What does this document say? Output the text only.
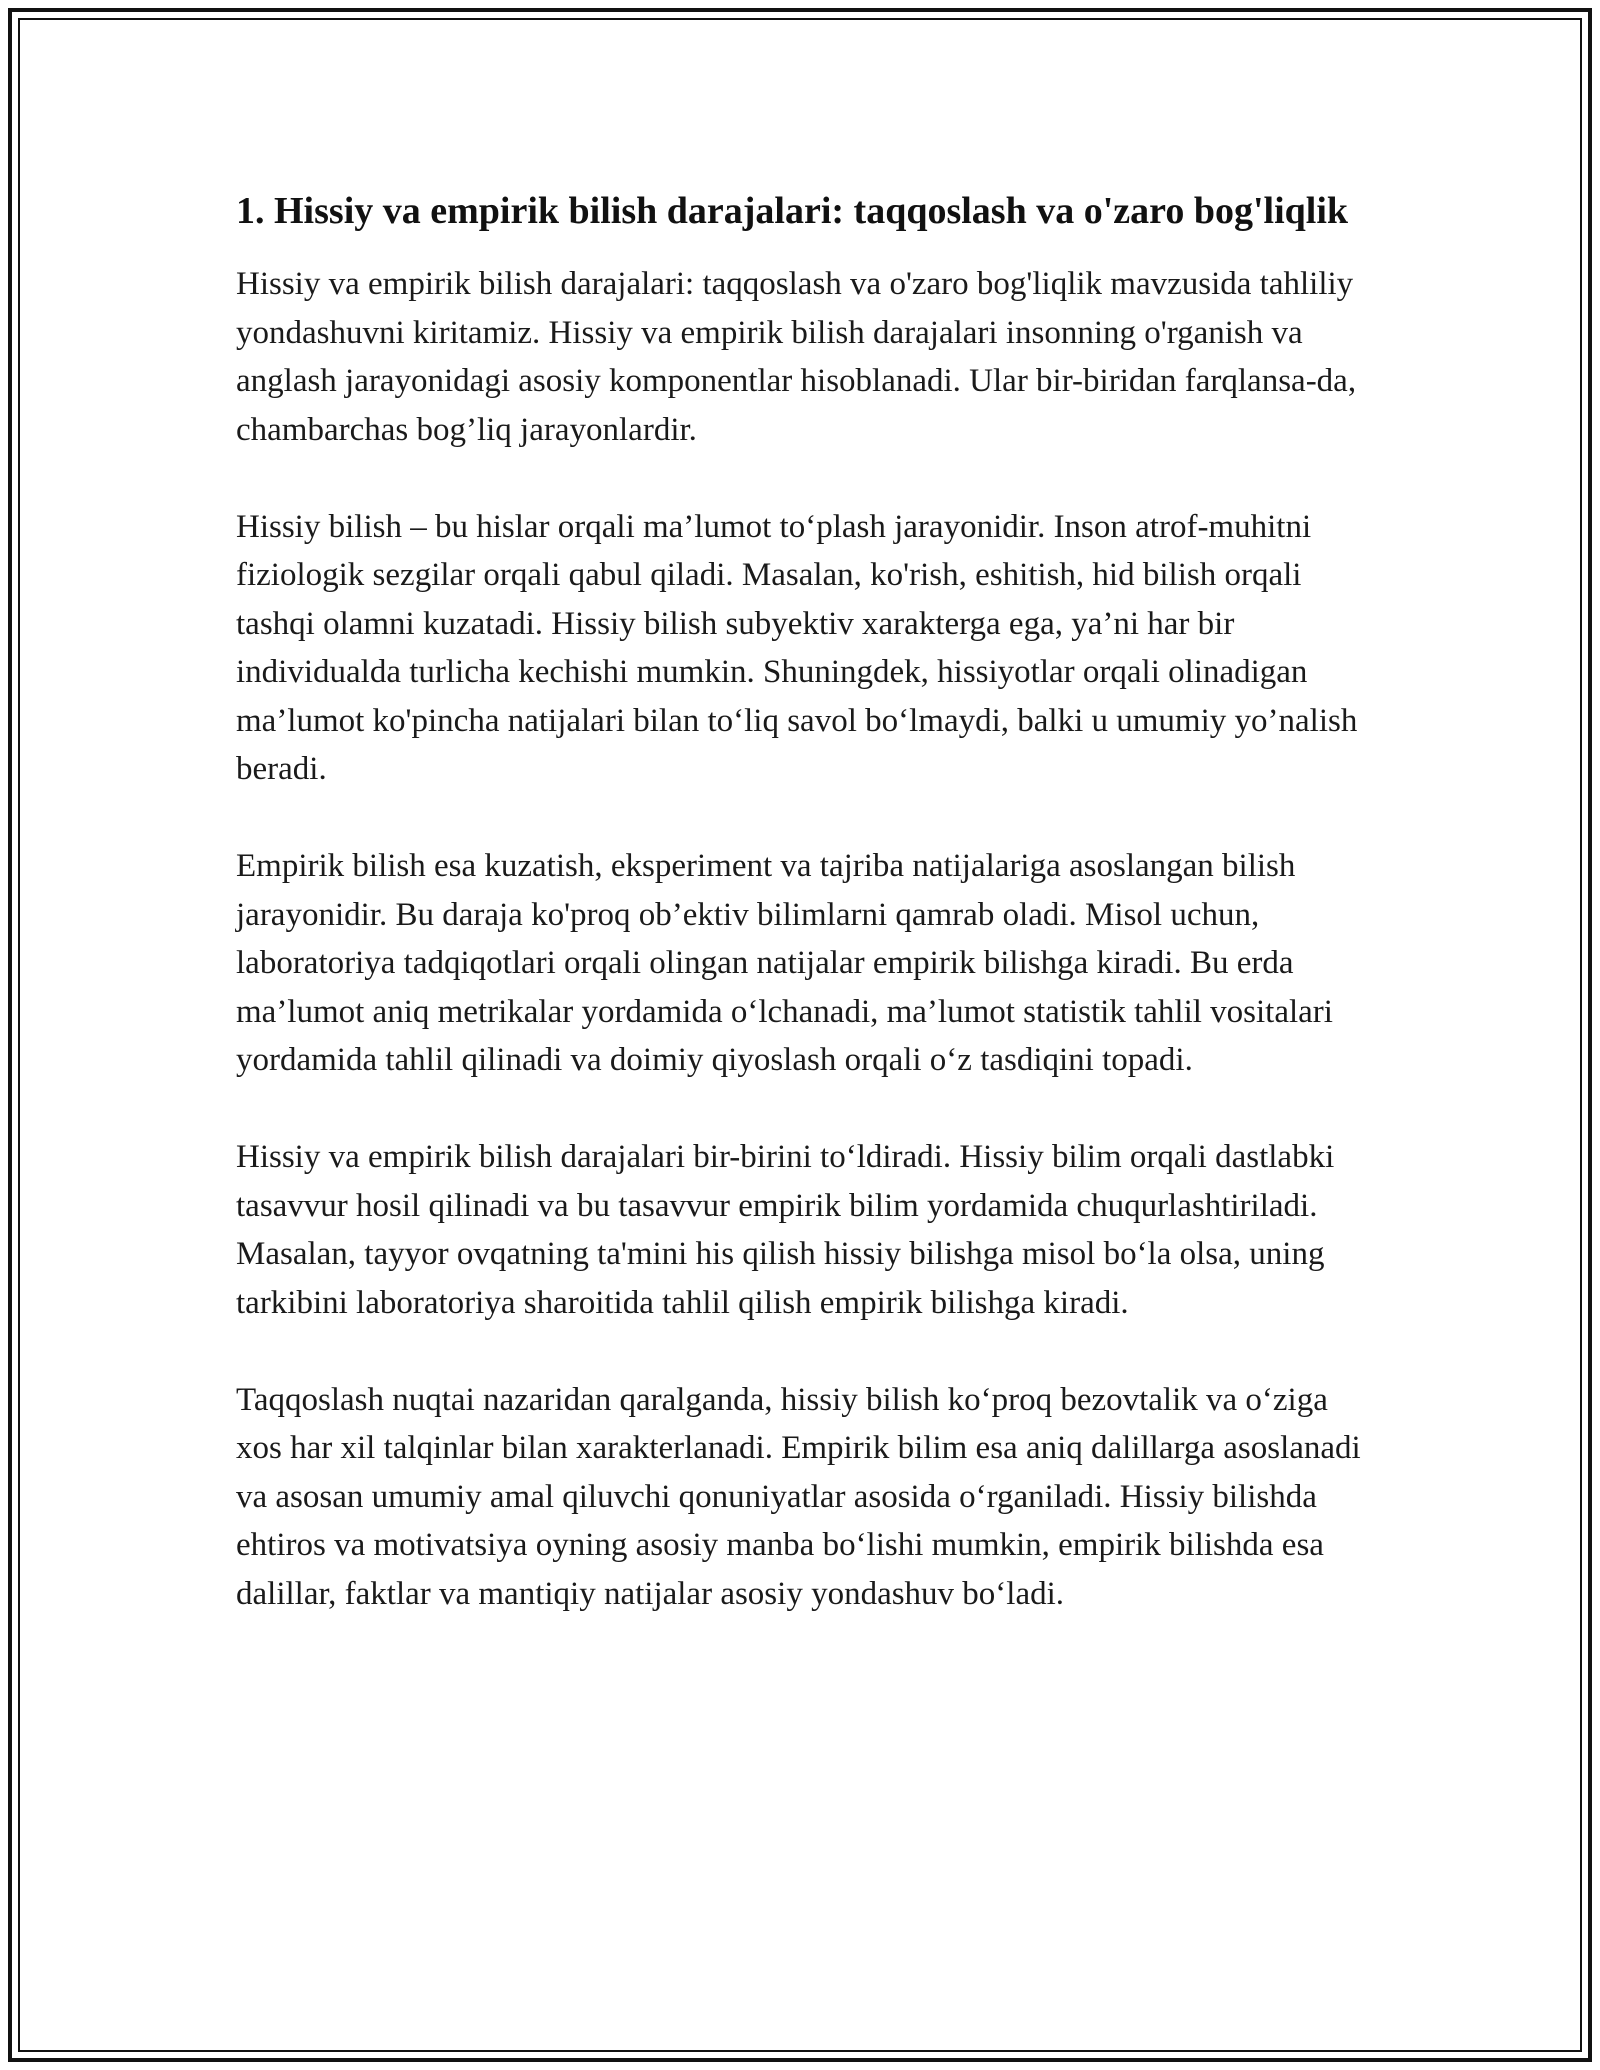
1. Hissiy va empirik bilish darajalari: taqqoslash va o'zaro bog'liqlik

Hissiy va empirik bilish darajalari: taqqoslash va o'zaro bog'liqlik mavzusida tahliliy yondashuvni kiritamiz. Hissiy va empirik bilish darajalari insonning o'rganish va anglash jarayonidagi asosiy komponentlar hisoblanadi. Ular bir-biridan farqlansa-da, chambarchas bog’liq jarayonlardir.

Hissiy bilish – bu hislar orqali ma’lumot to‘plash jarayonidir. Inson atrof-muhitni fiziologik sezgilar orqali qabul qiladi. Masalan, ko'rish, eshitish, hid bilish orqali tashqi olamni kuzatadi. Hissiy bilish subyektiv xarakterga ega, ya’ni har bir individualda turlicha kechishi mumkin. Shuningdek, hissiyotlar orqali olinadigan ma’lumot ko'pincha natijalari bilan to‘liq savol bo‘lmaydi, balki u umumiy yo’nalish beradi.

Empirik bilish esa kuzatish, eksperiment va tajriba natijalariga asoslangan bilish jarayonidir. Bu daraja ko'proq ob’ektiv bilimlarni qamrab oladi. Misol uchun, laboratoriya tadqiqotlari orqali olingan natijalar empirik bilishga kiradi. Bu erda ma’lumot aniq metrikalar yordamida o‘lchanadi, ma’lumot statistik tahlil vositalari yordamida tahlil qilinadi va doimiy qiyoslash orqali o‘z tasdiqini topadi.

Hissiy va empirik bilish darajalari bir-birini to‘ldiradi. Hissiy bilim orqali dastlabki tasavvur hosil qilinadi va bu tasavvur empirik bilim yordamida chuqurlashtiriladi. Masalan, tayyor ovqatning ta'mini his qilish hissiy bilishga misol bo‘la olsa, uning tarkibini laboratoriya sharoitida tahlil qilish empirik bilishga kiradi.

Taqqoslash nuqtai nazaridan qaralganda, hissiy bilish ko‘proq bezovtalik va o‘ziga xos har xil talqinlar bilan xarakterlanadi. Empirik bilim esa aniq dalillarga asoslanadi va asosan umumiy amal qiluvchi qonuniyatlar asosida o‘rganiladi. Hissiy bilishda ehtiros va motivatsiya oyning asosiy manba bo‘lishi mumkin, empirik bilishda esa dalillar, faktlar va mantiqiy natijalar asosiy yondashuv bo‘ladi.
